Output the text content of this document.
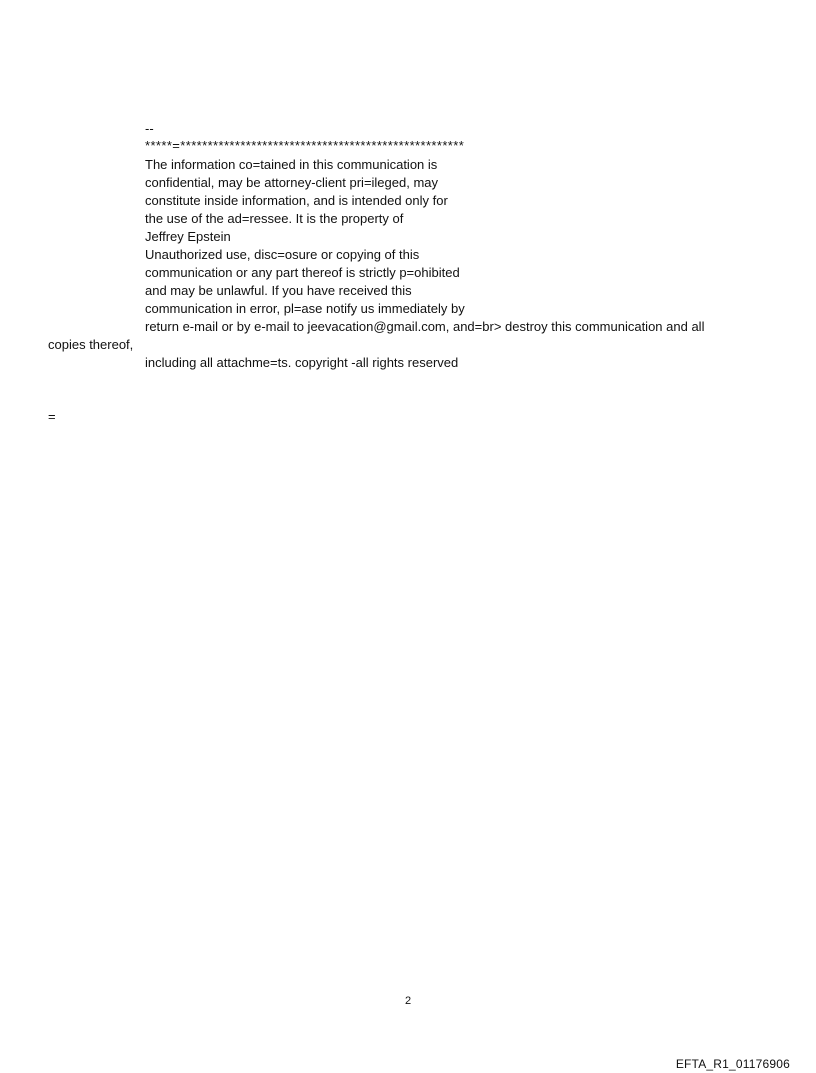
--
*****=****************************************************
The information co=tained in this communication is
confidential, may be attorney-client pri=ileged, may
constitute inside information, and is intended only for
the use of the ad=ressee. It is the property of
Jeffrey Epstein
Unauthorized use, disc=osure or copying of this
communication or any part thereof is strictly p=ohibited
and may be unlawful. If you have received this
communication in error, pl=ase notify us immediately by
return e-mail or by e-mail to jeevacation@gmail.com, and=br> destroy this communication and all
copies thereof,
including all attachme=ts. copyright -all rights reserved
=
2
EFTA_R1_01176906
